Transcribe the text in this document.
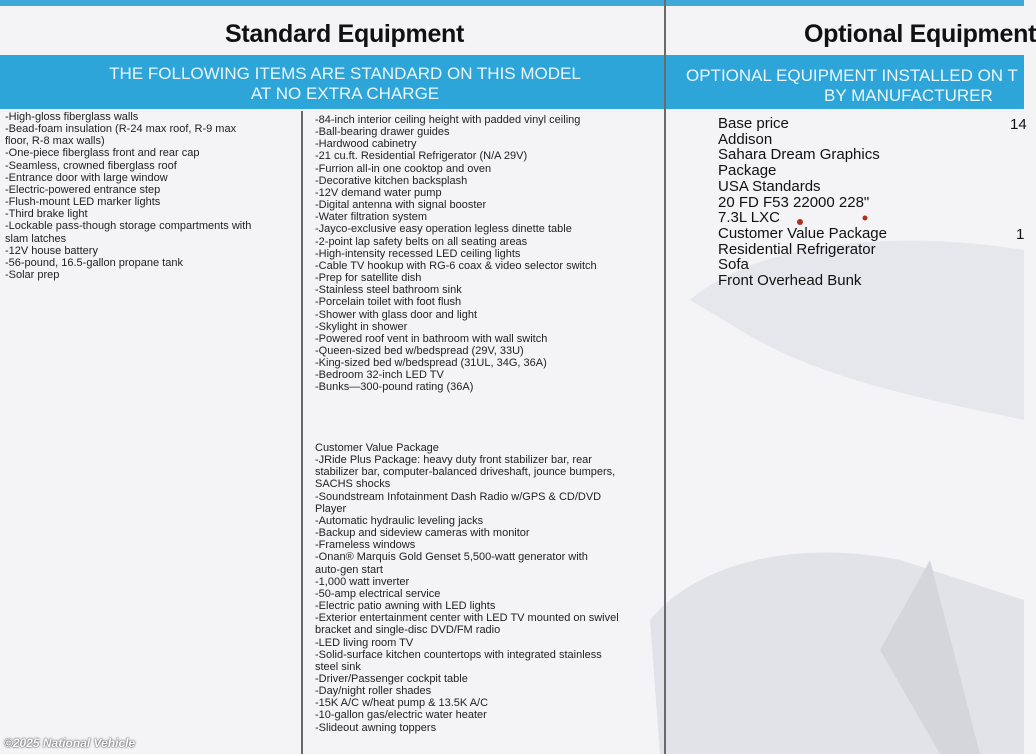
Standard Equipment	Optional Equipment
THE FOLLOWING ITEMS ARE STANDARD ON THIS MODEL
AT NO EXTRA CHARGE
OPTIONAL EQUIPMENT INSTALLED ON T
BY MANUFACTURER
-High-gloss fiberglass walls
-Bead-foam insulation (R-24 max roof, R-9 max
floor, R-8 max walls)
-One-piece fiberglass front and rear cap
-Seamless, crowned fiberglass roof
-Entrance door with large window
-Electric-powered entrance step
-Flush-mount LED marker lights
-Third brake light
-Lockable pass-though storage compartments with
slam latches
-12V house battery
-56-pound, 16.5-gallon propane tank
-Solar prep
-84-inch interior ceiling height with padded vinyl ceiling
-Ball-bearing drawer guides
-Hardwood cabinetry
-21 cu.ft. Residential Refrigerator (N/A 29V)
-Furrion all-in one cooktop and oven
-Decorative kitchen backsplash
-12V demand water pump
-Digital antenna with signal booster
-Water filtration system
-Jayco-exclusive easy operation legless dinette table
-2-point lap safety belts on all seating areas
-High-intensity recessed LED ceiling lights
-Cable TV hookup with RG-6 coax & video selector switch
-Prep for satellite dish
-Stainless steel bathroom sink
-Porcelain toilet with foot flush
-Shower with glass door and light
-Skylight in shower
-Powered roof vent in bathroom with wall switch
-Queen-sized bed w/bedspread (29V, 33U)
-King-sized bed w/bedspread (31UL, 34G, 36A)
-Bedroom 32-inch LED TV
-Bunks—300-pound rating (36A)
Customer Value Package
-JRide Plus Package: heavy duty front stabilizer bar, rear
stabilizer bar, computer-balanced driveshaft, jounce bumpers,
SACHS shocks
-Soundstream Infotainment Dash Radio w/GPS & CD/DVD
Player
-Automatic hydraulic leveling jacks
-Backup and sideview cameras with monitor
-Frameless windows
-Onan® Marquis Gold Genset 5,500-watt generator with
auto-gen start
-1,000 watt inverter
-50-amp electrical service
-Electric patio awning with LED lights
-Exterior entertainment center with LED TV mounted on swivel
bracket and single-disc DVD/FM radio
-LED living room TV
-Solid-surface kitchen countertops with integrated stainless
steel sink
-Driver/Passenger cockpit table
-Day/night roller shades
-15K A/C w/heat pump & 13.5K A/C
-10-gallon gas/electric water heater
-Slideout awning toppers
Base price
Addison
Sahara Dream Graphics
Package
USA Standards
20 FD F53 22000 228"
7.3L LXC
Customer Value Package
Residential Refrigerator
Sofa
Front Overhead Bunk
14
1
©2025 National Vehicle
